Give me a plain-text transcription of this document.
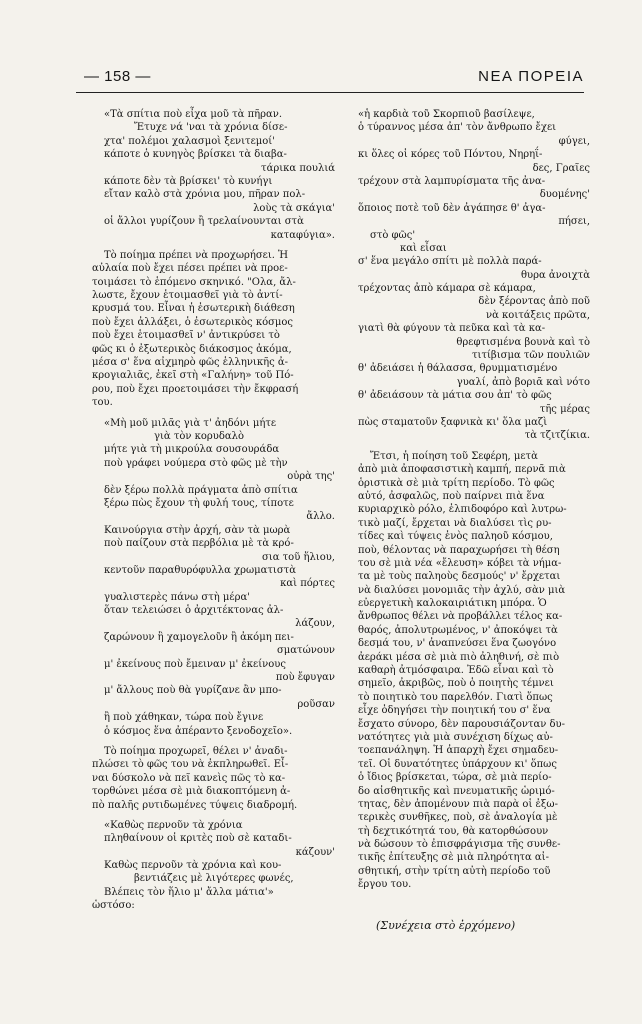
— 158 —	ΝΕΑ ΠΟΡΕΙΑ
«Τὰ σπίτια ποὺ εἶχα μοῦ τὰ πῆραν.
Ἔτυχε νά 'ναι τὰ χρόνια δίσε-
χτα' πολέμοι χαλασμοὶ ξενιτεμοί'
κάποτε ὁ κυνηγὸς βρίσκει τὰ διαβα-
τάρικα πουλιά
κάποτε δὲν τὰ βρίσκει' τὸ κυνήγι
εἴταν καλὸ στὰ χρόνια μου, πῆραν πολ-
λοὺς τὰ σκάγια'
οἱ ἄλλοι γυρίζουν ἢ τρελαίνουνται στὰ
καταφύγια».
Τὸ ποίημα πρέπει νὰ προχωρήσει. Ἡ
αὐλαία ποὺ ἔχει πέσει πρέπει νὰ προε-
τοιμάσει τὸ ἑπόμενο σκηνικό. "Ολα, ἄλ-
λωστε, ἔχουν ἑτοιμασθεῖ γιὰ τὸ ἀντί-
κρυσμά του. Εἶναι ἡ ἐσωτερικὴ διάθεση
ποὺ ἔχει ἀλλάξει, ὁ ἐσωτερικὸς κόσμος
ποὺ ἔχει ἑτοιμασθεῖ ν' ἀντικρύσει τὸ
φῶς κι ὁ ἐξωτερικὸς διάκοσμος ἀκόμα,
μέσα σ' ἕνα αἰχμηρὸ φῶς ἑλληνικῆς ἀ-
κρογιαλιᾶς, ἐκεῖ στὴ «Γαλήνη» τοῦ Πό-
ρου, ποὺ ἔχει προετοιμάσει τὴν ἔκφρασή
του.
«Μὴ μοῦ μιλᾶς γιὰ τ' ἀηδόνι μήτε
γιὰ τὸν κορυδαλὸ
μήτε γιὰ τὴ μικρούλα σουσουράδα
ποὺ γράφει νούμερα στὸ φῶς μὲ τὴν
οὐρὰ της'
δὲν ξέρω πολλὰ πράγματα ἀπὸ σπίτια
ξέρω πὼς ἔχουν τὴ φυλή τους, τίποτε
ἄλλο.
Καινούργια στὴν ἀρχή, σὰν τὰ μωρὰ
ποὺ παίζουν στὰ περβόλια μὲ τὰ κρό-
σια τοῦ ἥλιου,
κεντοῦν παραθυρόφυλλα χρωματιστὰ
καὶ πόρτες
γυαλιστερὲς πάνω στὴ μέρα'
ὅταν τελειώσει ὁ ἀρχιτέκτονας ἀλ-
λάζουν,
ζαρώνουν ἢ χαμογελοῦν ἢ ἀκόμη πει-
σματώνουν
μ' ἐκείνους ποὺ ἔμειναν μ' ἐκείνους
ποὺ ἔφυγαν
μ' ἄλλους ποὺ θὰ γυρίζανε ἂν μπο-
ροῦσαν
ἢ ποὺ χάθηκαν, τώρα ποὺ ἔγινε
ὁ κόσμος ἕνα ἀπέραντο ξενοδοχεῖο».
Τὸ ποίημα προχωρεῖ, θέλει ν' ἀναδι-
πλώσει τὸ φῶς του νὰ ἐκπληρωθεῖ. Εἶ-
ναι δύσκολο νὰ πεῖ κανεὶς πῶς τὸ κα-
τορθώνει μέσα σὲ μιὰ διακοπτόμενη ἀ-
πὸ παλῆς ρυτιδωμένες τύψεις διαδρομή.
«Καθὼς περνοῦν τὰ χρόνια
πληθαίνουν οἱ κριτὲς ποὺ σὲ καταδι-
κάζουν'
Καθὼς περνοῦν τὰ χρόνια καὶ κου-
βεντιάζεις μὲ λιγότερες φωνές,
Βλέπεις τὸν ἥλιο μ' ἄλλα μάτια'»
ὡστόσο:
«ἡ καρδιὰ τοῦ Σκορπιοῦ βασίλεψε,
ὁ τύραννος μέσα ἀπ' τὸν ἄνθρωπο ἔχει
φύγει,
κι ὅλες οἱ κόρες τοῦ Πόντου, Νηρηΐ-
δες, Γραῖες
τρέχουν στὰ λαμπυρίσματα τῆς ἀνα-
δυομένης'
ὅποιος ποτὲ τοῦ δὲν ἀγάπησε θ' ἀγα-
πήσει,
στὸ φῶς'
καὶ εἶσαι
σ' ἕνα μεγάλο σπίτι μὲ πολλὰ παρά-
θυρα ἀνοιχτὰ
τρέχοντας ἀπὸ κάμαρα σὲ κάμαρα,
δὲν ξέροντας ἀπὸ ποῦ
νὰ κοιτάξεις πρῶτα,
γιατὶ θὰ φύγουν τὰ πεῦκα καὶ τὰ κα-
θρεφτισμένα βουνὰ καὶ τὸ
τιτίβισμα τῶν πουλιῶν
θ' ἀδειάσει ἡ θάλασσα, θρυμματισμένο
γυαλί, ἀπὸ βοριᾶ καὶ νότο
θ' ἀδειάσουν τὰ μάτια σου ἀπ' τὸ φῶς
τῆς μέρας
πὼς σταματοῦν ξαφνικὰ κι' ὅλα μαζὶ
τὰ τζιτζίκια.
Ἔτσι, ἡ ποίηση τοῦ Σεφέρη, μετὰ
ἀπὸ μιὰ ἀποφασιστικὴ καμπή, περνᾶ πιὰ
ὁριστικὰ σὲ μιὰ τρίτη περίοδο. Τὸ φῶς
αὐτό, ἀσφαλῶς, ποὺ παίρνει πιὰ ἕνα
κυριαρχικὸ ρόλο, ἐλπιδοφόρο καὶ λυτρω-
τικὸ μαζί, ἔρχεται νὰ διαλύσει τὶς ρυ-
τίδες καὶ τύψεις ἑνὸς παληοῦ κόσμου,
ποὺ, θέλοντας νὰ παραχωρήσει τὴ θέση
του σὲ μιὰ νέα «ἔλευση» κόβει τὰ νήμα-
τα μὲ τοὺς παληοὺς δεσμούς' ν' ἔρχεται
νὰ διαλύσει μονομιᾶς τὴν ἀχλύ, σὰν μιὰ
εὐεργετικὴ καλοκαιριάτικη μπόρα. Ὁ
ἄνθρωπος θέλει νὰ προβάλλει τέλος κα-
θαρός, ἀπολυτρωμένος, ν' ἀποκόψει τὰ
δεσμά του, ν' ἀναπνεύσει ἕνα ζωογόνο
ἀεράκι μέσα σὲ μιὰ πιὸ ἀληθινή, σὲ πιὸ
καθαρὴ ἀτμόσφαιρα. Ἐδῶ εἶναι καὶ τὸ
σημεῖο, ἀκριβῶς, ποὺ ὁ ποιητὴς τέμνει
τὸ ποιητικὸ του παρελθόν. Γιατὶ ὅπως
εἶχε ὁδηγήσει τὴν ποιητική του σ' ἕνα
ἔσχατο σύνορο, δὲν παρουσιάζονταν δυ-
νατότητες γιὰ μιὰ συνέχιση δίχως αὐ-
τοεπανάληψη. Ἡ ἀπαρχὴ ἔχει σημαδευ-
τεῖ. Οἱ δυνατότητες ὑπάρχουν κι' ὅπως
ὁ ἴδιος βρίσκεται, τώρα, σὲ μιὰ περίο-
δο αἰσθητικῆς καὶ πνευματικῆς ὡριμό-
τητας, δὲν ἀπομένουν πιὰ παρὰ οἱ ἐξω-
τερικὲς συνθῆκες, ποὺ, σὲ ἀναλογία μὲ
τὴ δεχτικότητά του, θὰ κατορθώσουν
νὰ δώσουν τὸ ἐπισφράγισμα τῆς συνθε-
τικῆς ἐπίτευξης σὲ μιὰ πληρότητα αἰ-
σθητική, στὴν τρίτη αὐτὴ περίοδο τοῦ
ἔργου του.
(Συνέχεια στὸ ἐρχόμενο)
